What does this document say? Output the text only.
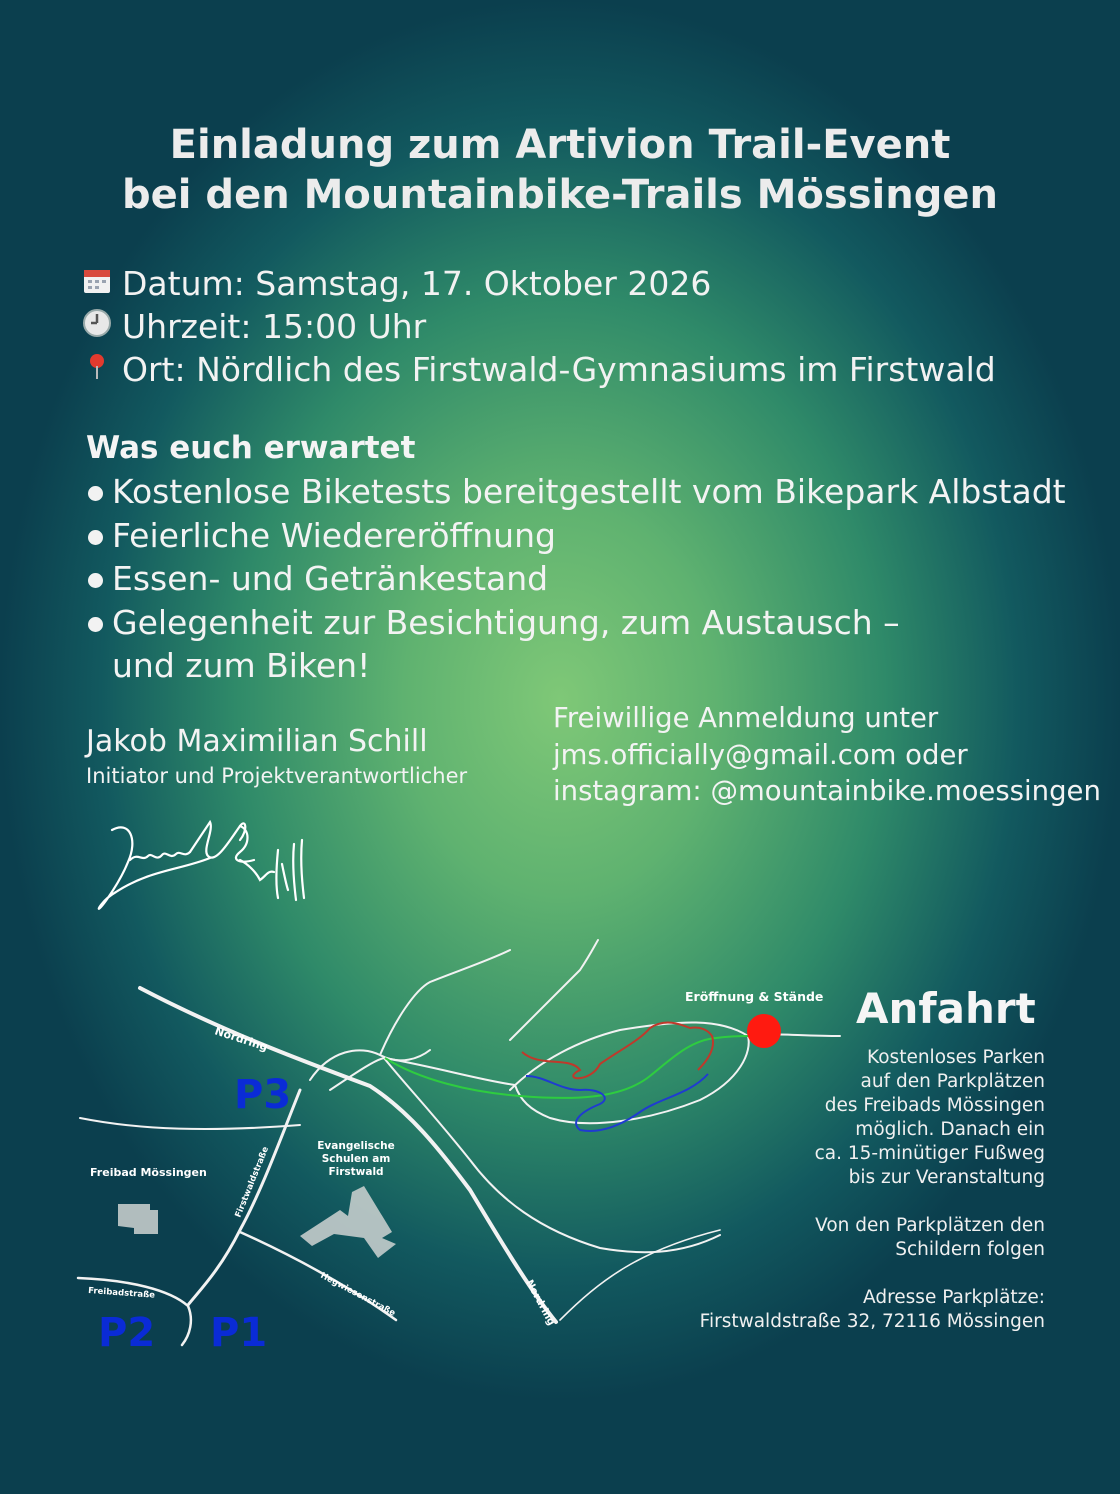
Einladung zum Artivion Trail-Event
bei den Mountainbike-Trails Mössingen
Datum: Samstag, 17. Oktober 2026
Uhrzeit: 15:00 Uhr
Ort: Nördlich des Firstwald-Gymnasiums im Firstwald
Was euch erwartet
Kostenlose Biketests bereitgestellt vom Bikepark Albstadt
Feierliche Wiedereröffnung
Essen- und Getränkestand
Gelegenheit zur Besichtigung, zum Austausch – und zum Biken!
Jakob Maximilian Schill
Initiator und Projektverantwortlicher
Freiwillige Anmeldung unter
jms.officially@gmail.com oder
instagram: @mountainbike.moessingen
Nordring
Nordring
Firstwaldstraße
Hegwiesenstraße
Freibadstraße
Freibad Mössingen
Evangelische
Schulen am
Firstwald
Eröffnung & Stände
P3
P2 P1
Anfahrt
Kostenloses Parken
auf den Parkplätzen
des Freibads Mössingen
möglich. Danach ein
ca. 15-minütiger Fußweg
bis zur Veranstaltung
Von den Parkplätzen den
Schildern folgen
Adresse Parkplätze:
Firstwaldstraße 32, 72116 Mössingen
